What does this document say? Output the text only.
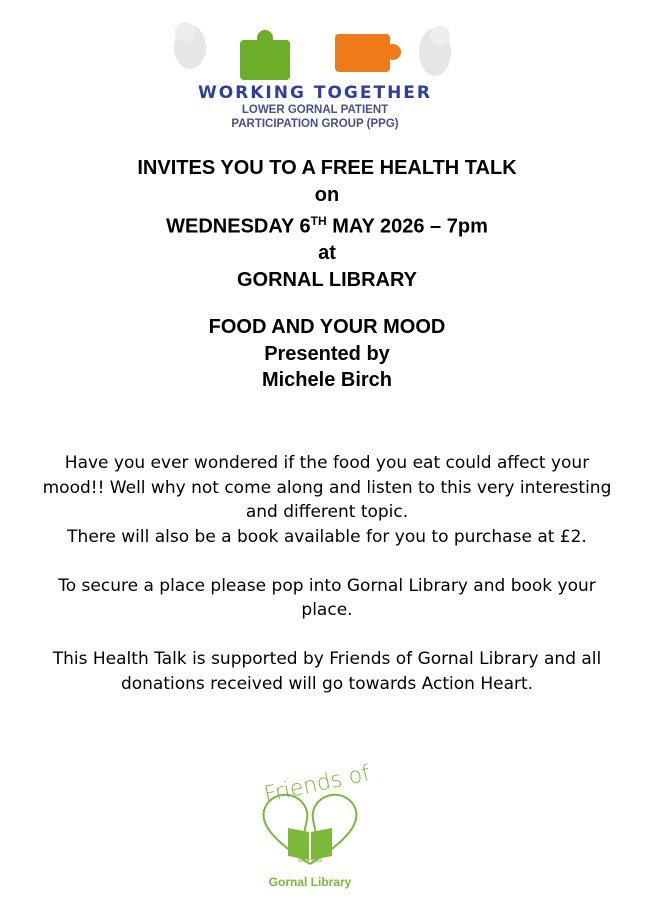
WORKING TOGETHER
LOWER GORNAL PATIENT
PARTICIPATION GROUP (PPG)
INVITES YOU TO A FREE HEALTH TALK
on
WEDNESDAY 6TH MAY 2026 – 7pm
at
GORNAL LIBRARY
FOOD AND YOUR MOOD
Presented by
Michele Birch

Have you ever wondered if the food you eat could affect your mood!! Well why not come along and listen to this very interesting and different topic.

There will also be a book available for you to purchase at £2.

To secure a place please pop into Gornal Library and book your place.

This Health Talk is supported by Friends of Gornal Library and all donations received will go towards Action Heart.

Friends of
Since 2016
Gornal Library
